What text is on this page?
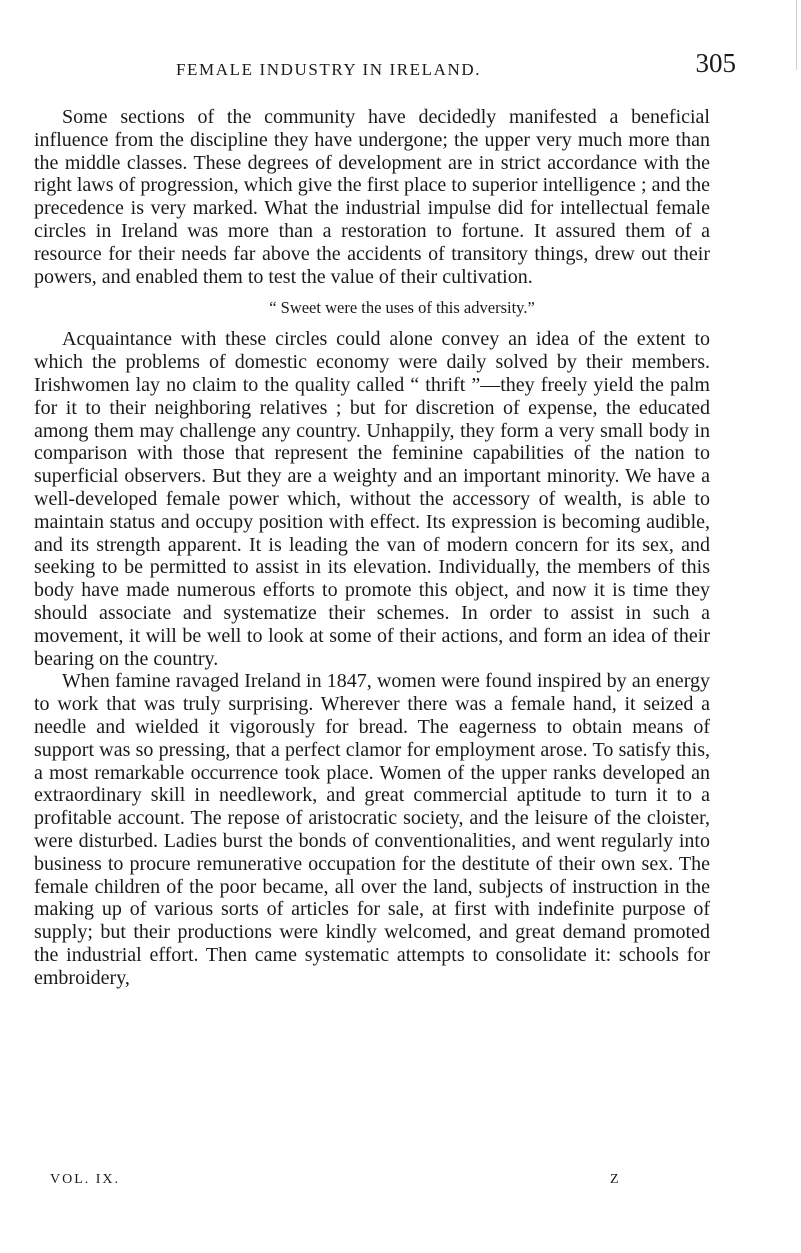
FEMALE INDUSTRY IN IRELAND.	305

Some sections of the community have decidedly manifested a beneficial influence from the discipline they have undergone; the upper very much more than the middle classes. These degrees of development are in strict accordance with the right laws of progression, which give the first place to superior intelligence ; and the precedence is very marked. What the industrial impulse did for intellectual female circles in Ireland was more than a restoration to fortune. It assured them of a resource for their needs far above the accidents of transitory things, drew out their powers, and enabled them to test the value of their cultivation.

“ Sweet were the uses of this adversity.”

Acquaintance with these circles could alone convey an idea of the extent to which the problems of domestic economy were daily solved by their members. Irishwomen lay no claim to the quality called “ thrift ”—they freely yield the palm for it to their neighboring relatives ; but for discretion of expense, the educated among them may challenge any country. Unhappily, they form a very small body in comparison with those that represent the feminine capabilities of the nation to superficial observers. But they are a weighty and an important minority. We have a well-developed female power which, without the accessory of wealth, is able to maintain status and occupy position with effect. Its expression is becoming audible, and its strength apparent. It is leading the van of modern concern for its sex, and seeking to be permitted to assist in its elevation. Individually, the members of this body have made numerous efforts to promote this object, and now it is time they should associate and systematize their schemes. In order to assist in such a movement, it will be well to look at some of their actions, and form an idea of their bearing on the country.

When famine ravaged Ireland in 1847, women were found inspired by an energy to work that was truly surprising. Wherever there was a female hand, it seized a needle and wielded it vigorously for bread. The eagerness to obtain means of support was so pressing, that a perfect clamor for employment arose. To satisfy this, a most remarkable occurrence took place. Women of the upper ranks developed an extraordinary skill in needlework, and great commercial aptitude to turn it to a profitable account. The repose of aristocratic society, and the leisure of the cloister, were disturbed. Ladies burst the bonds of conventionalities, and went regularly into business to procure remunerative occupation for the destitute of their own sex. The female children of the poor became, all over the land, subjects of instruction in the making up of various sorts of articles for sale, at first with indefinite purpose of supply; but their productions were kindly welcomed, and great demand promoted the industrial effort. Then came systematic attempts to consolidate it: schools for embroidery,

VOL. IX.	Z
